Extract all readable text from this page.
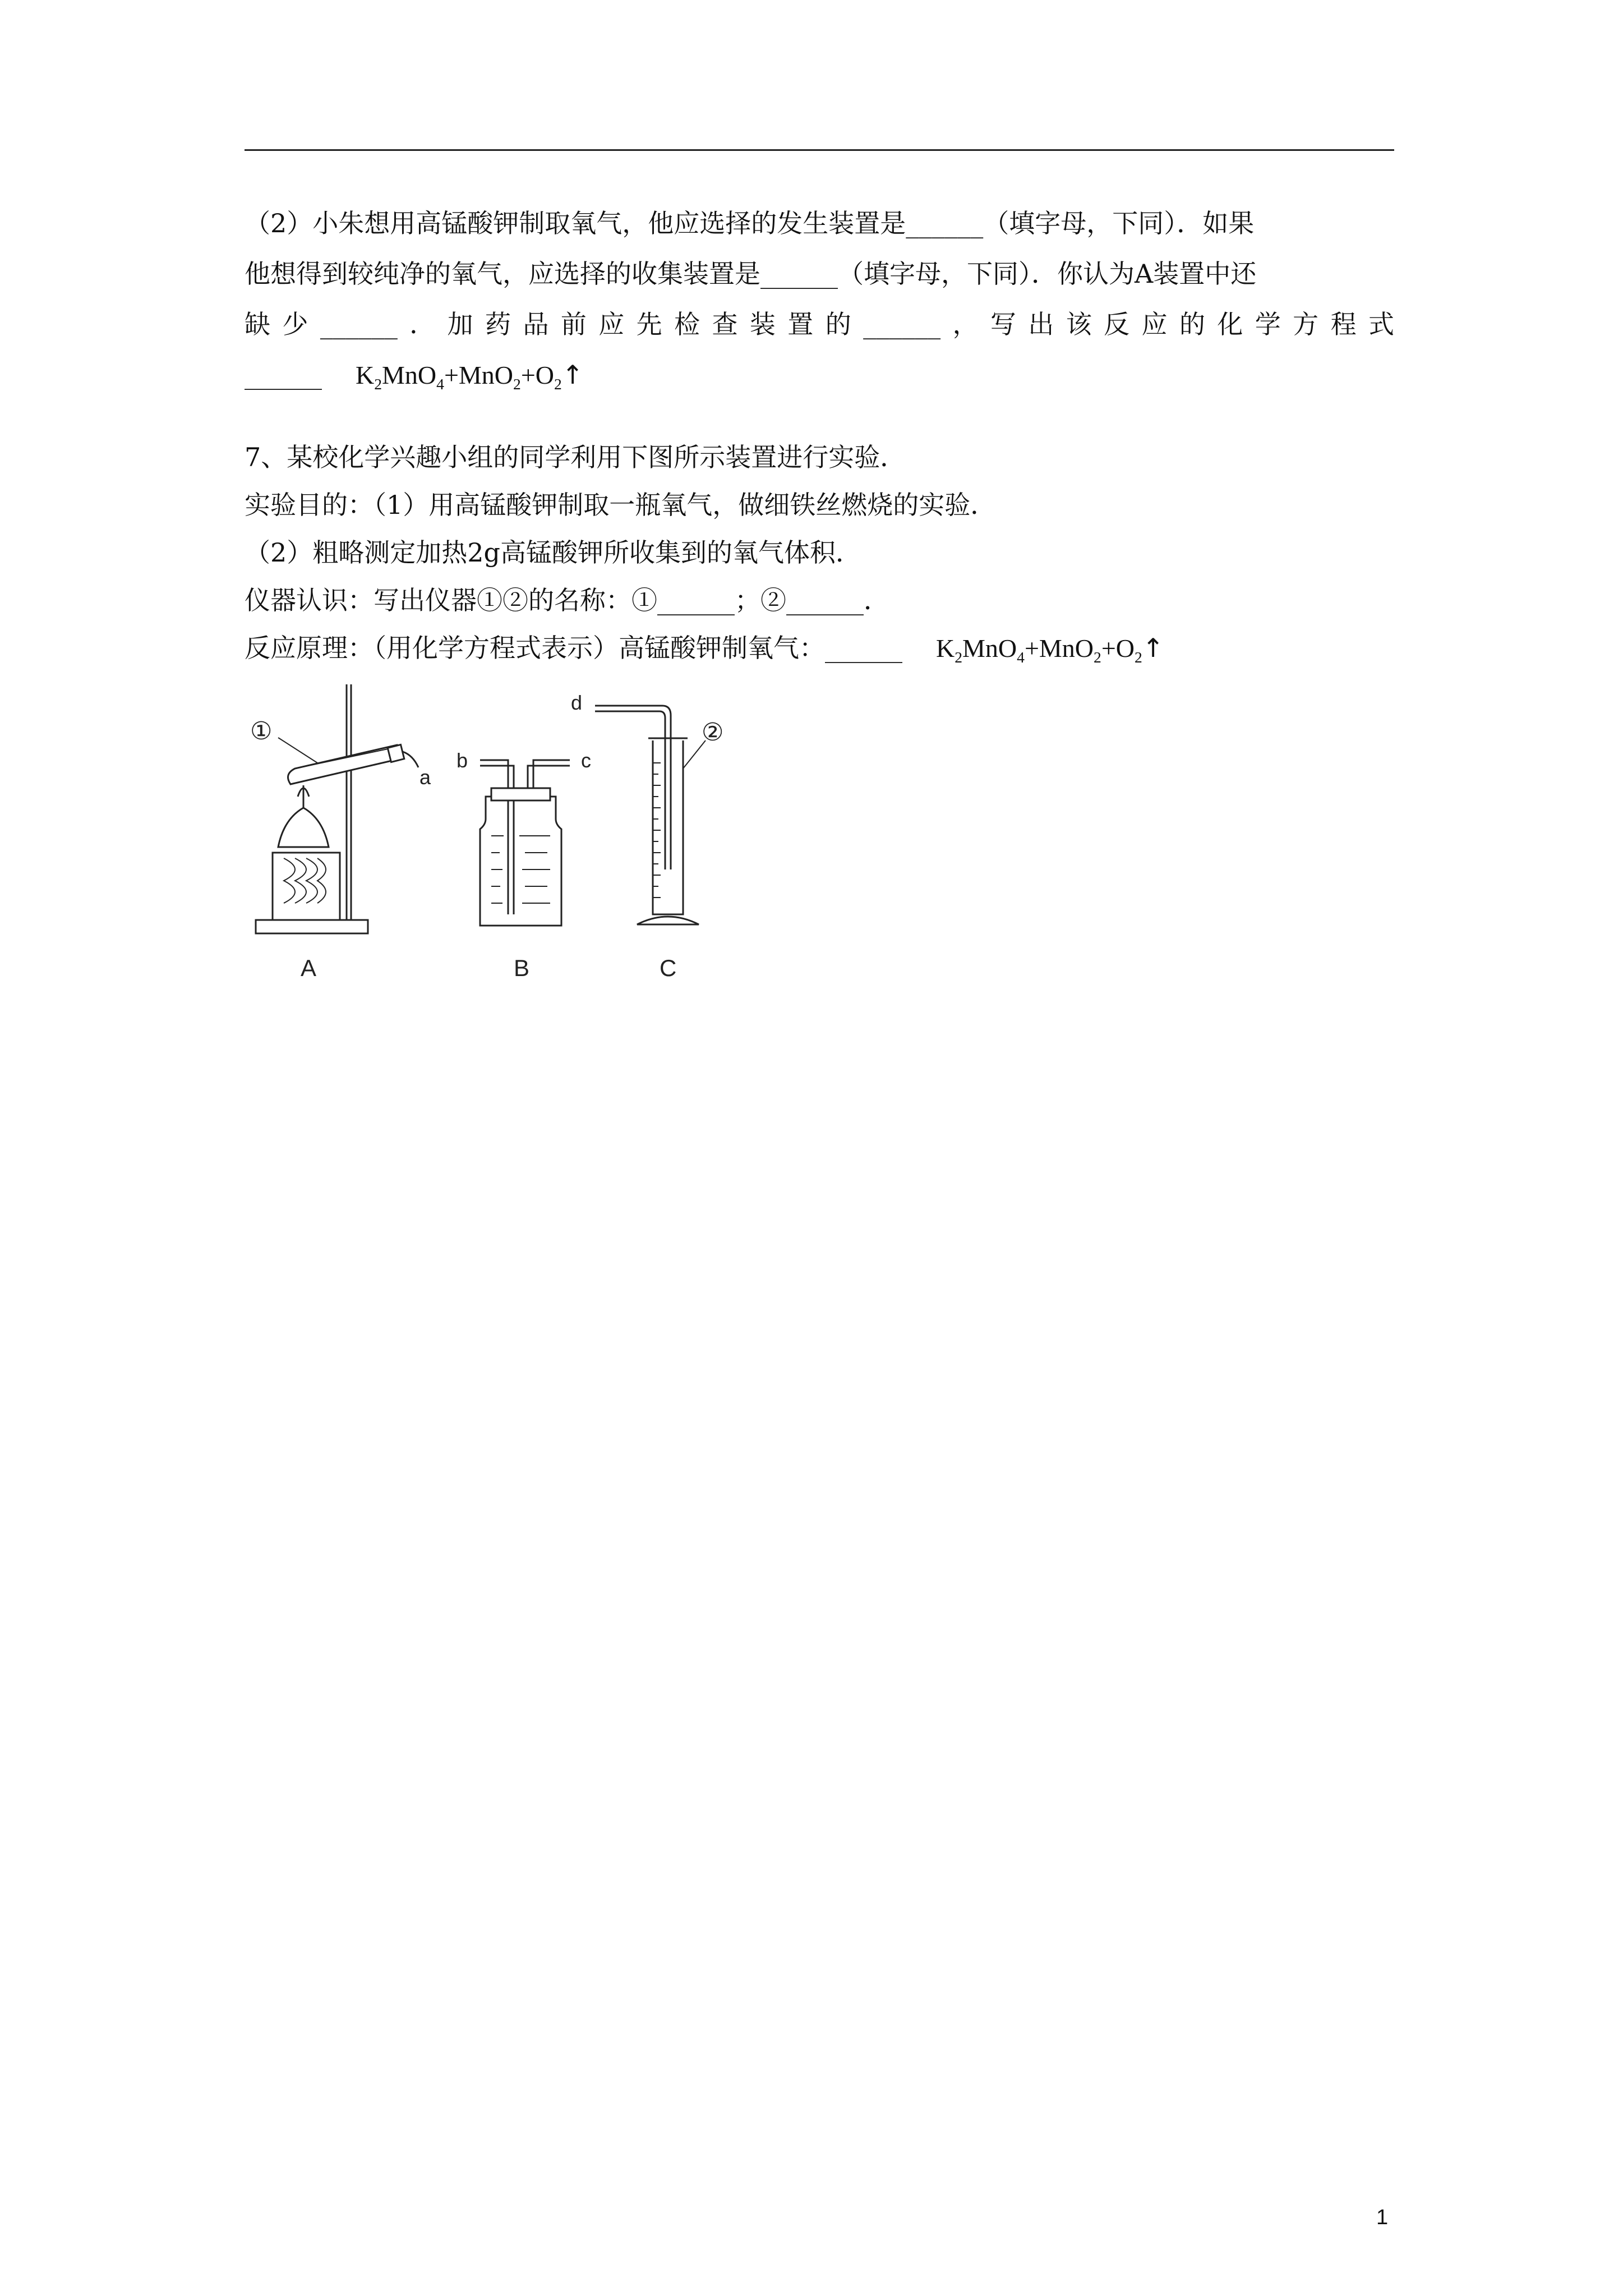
（2）小朱想用高锰酸钾制取氧气，他应选择的发生装置是______（填字母，下同）．如果
他想得到较纯净的氧气，应选择的收集装置是______（填字母，下同）．你认为A装置中还
缺 少 ______ ． 加 药 品 前 应 先 检 查 装 置 的 ______ ， 写 出 该 反 应 的 化 学 方 程 式
______ $K_2MnO_4+MnO_2+O_2↑$
7、某校化学兴趣小组的同学利用下图所示装置进行实验．
实验目的：（1）用高锰酸钾制取一瓶氧气，做细铁丝燃烧的实验．
（2）粗略测定加热2g高锰酸钾所收集到的氧气体积．
仪器认识：写出仪器①②的名称：①______；②______．
反应原理：（用化学方程式表示）高锰酸钾制氧气：______ $K_2MnO_4+MnO_2+O_2↑$
①
a
A
b	c
B
②
d
C
1
